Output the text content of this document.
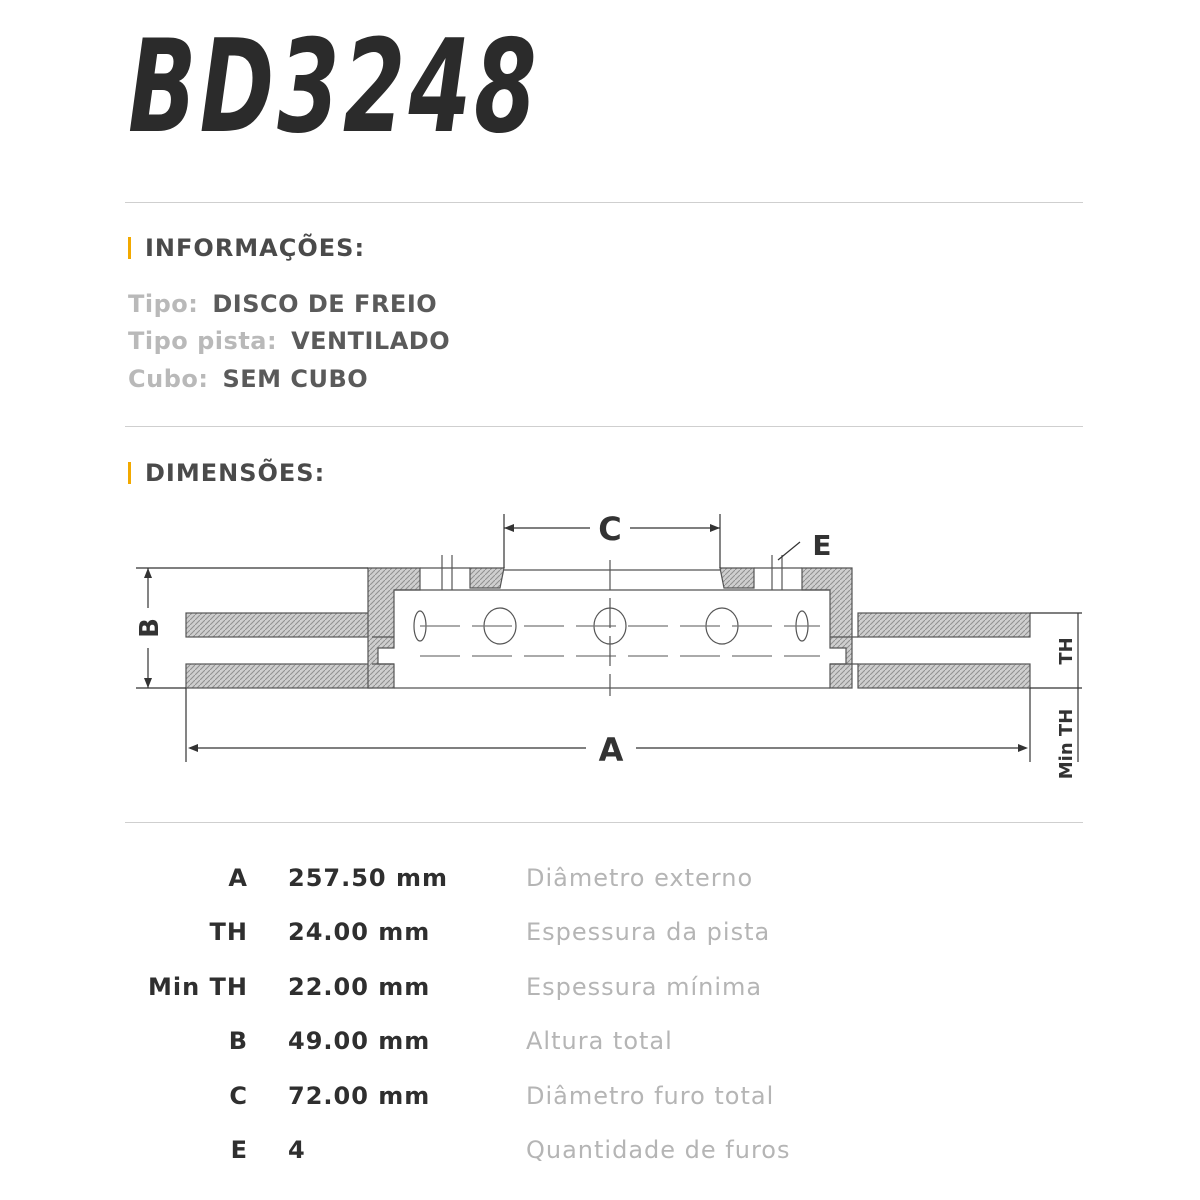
BD3248
INFORMAÇÕES:
Tipo: DISCO DE FREIO
Tipo pista: VENTILADO
Cubo: SEM CUBO
DIMENSÕES:
C	E
A
B
TH
Min TH
A 257.50 mm	Diâmetro externo
TH 24.00 mm	Espessura da pista
Min TH 22.00 mm	Espessura mínima
B 49.00 mm	Altura total
C 72.00 mm	Diâmetro furo total
E 4	Quantidade de furos
